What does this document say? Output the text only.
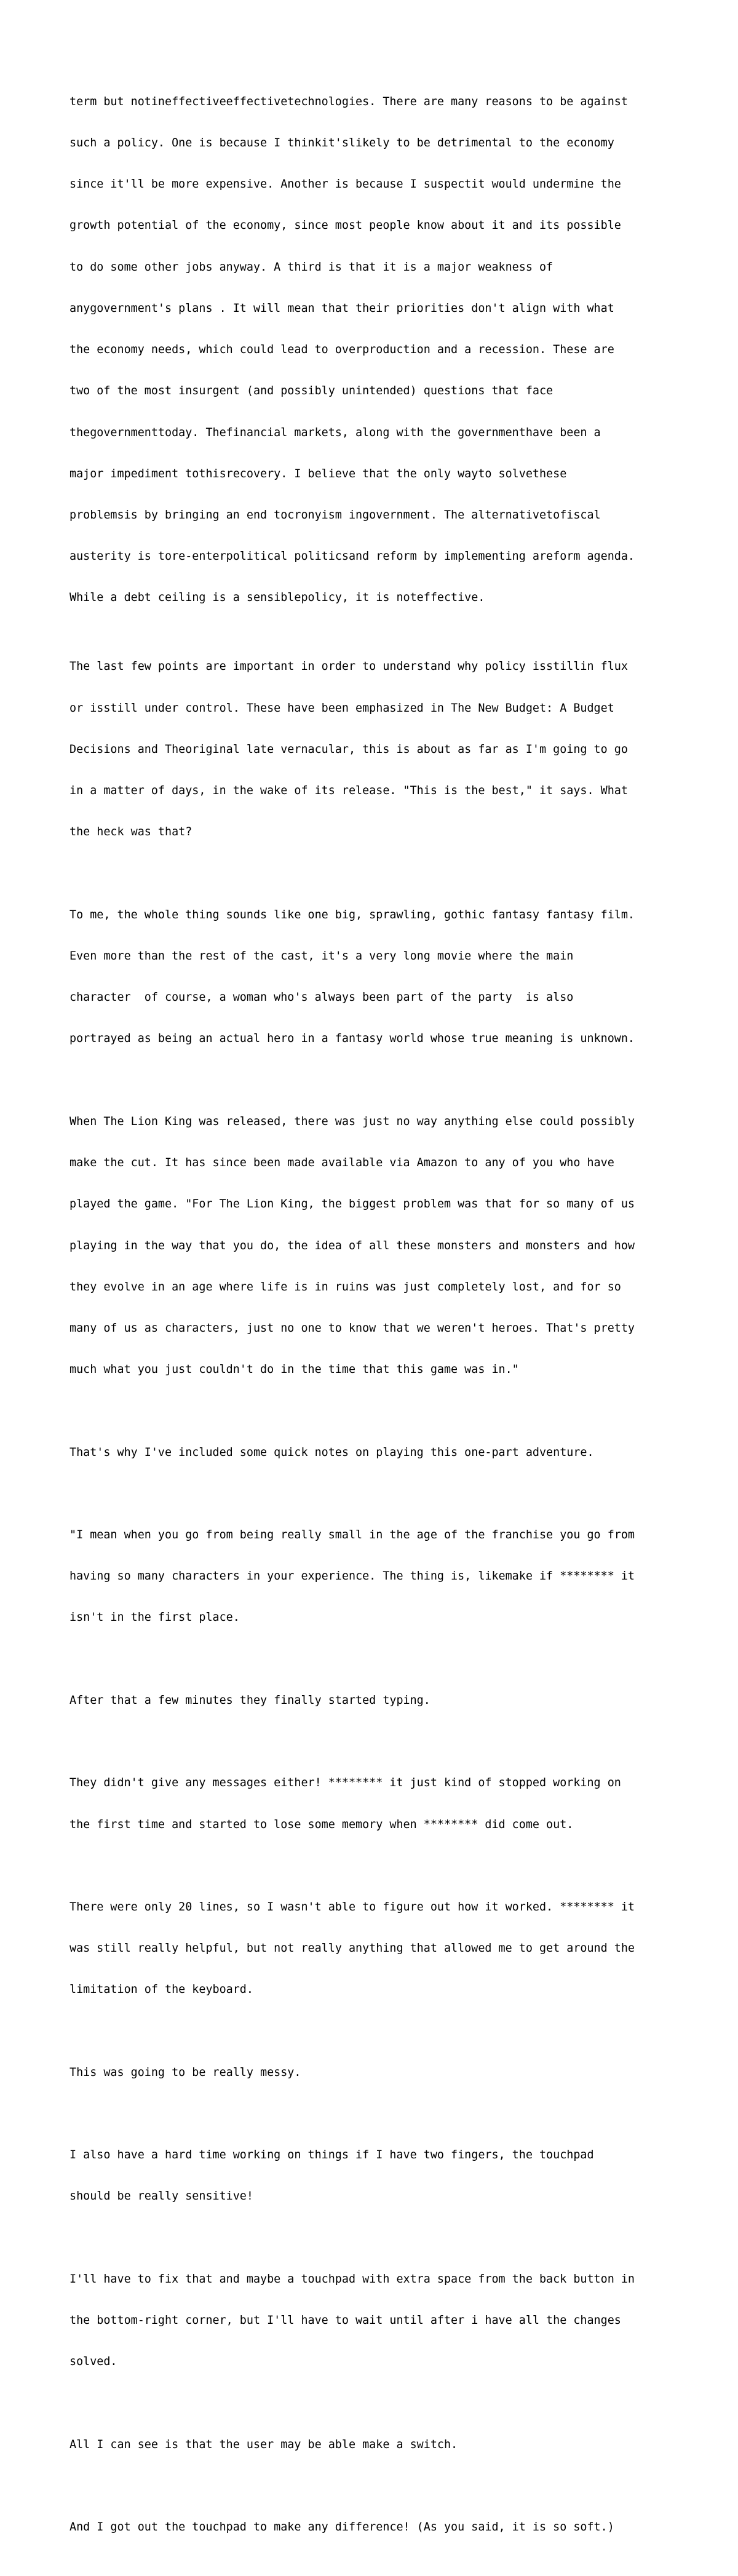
term but notineffectiveeffectivetechnologies. There are many reasons to be against

such a policy. One is because I thinkit'slikely to be detrimental to the economy

since it'll be more expensive. Another is because I suspectit would undermine the

growth potential of the economy, since most people know about it and its possible

to do some other jobs anyway. A third is that it is a major weakness of

anygovernment's plans . It will mean that their priorities don't align with what

the economy needs, which could lead to overproduction and a recession. These are

two of the most insurgent (and possibly unintended) questions that face

thegovernmenttoday. Thefinancial markets, along with the governmenthave been a

major impediment tothisrecovery. I believe that the only wayto solvethese

problemsis by bringing an end tocronyism ingovernment. The alternativetofiscal

austerity is tore-enterpolitical politicsand reform by implementing areform agenda.

While a debt ceiling is a sensiblepolicy, it is noteffective.

The last few points are important in order to understand why policy isstillin flux

or isstill under control. These have been emphasized in The New Budget: A Budget

Decisions and Theoriginal late vernacular, this is about as far as I'm going to go

in a matter of days, in the wake of its release. "This is the best," it says. What

the heck was that?

To me, the whole thing sounds like one big, sprawling, gothic fantasy fantasy film.

Even more than the rest of the cast, it's a very long movie where the main

character  of course, a woman who's always been part of the party  is also

portrayed as being an actual hero in a fantasy world whose true meaning is unknown.

When The Lion King was released, there was just no way anything else could possibly

make the cut. It has since been made available via Amazon to any of you who have

played the game. "For The Lion King, the biggest problem was that for so many of us

playing in the way that you do, the idea of all these monsters and monsters and how

they evolve in an age where life is in ruins was just completely lost, and for so

many of us as characters, just no one to know that we weren't heroes. That's pretty

much what you just couldn't do in the time that this game was in."

That's why I've included some quick notes on playing this one-part adventure.

"I mean when you go from being really small in the age of the franchise you go from

having so many characters in your experience. The thing is, likemake if ******** it

isn't in the first place.

After that a few minutes they finally started typing.

They didn't give any messages either! ******** it just kind of stopped working on

the first time and started to lose some memory when ******** did come out.

There were only 20 lines, so I wasn't able to figure out how it worked. ******** it

was still really helpful, but not really anything that allowed me to get around the

limitation of the keyboard.

This was going to be really messy.

I also have a hard time working on things if I have two fingers, the touchpad

should be really sensitive!

I'll have to fix that and maybe a touchpad with extra space from the back button in

the bottom-right corner, but I'll have to wait until after i have all the changes

solved.

All I can see is that the user may be able make a switch.

And I got out the touchpad to make any difference! (As you said, it is so soft.)
